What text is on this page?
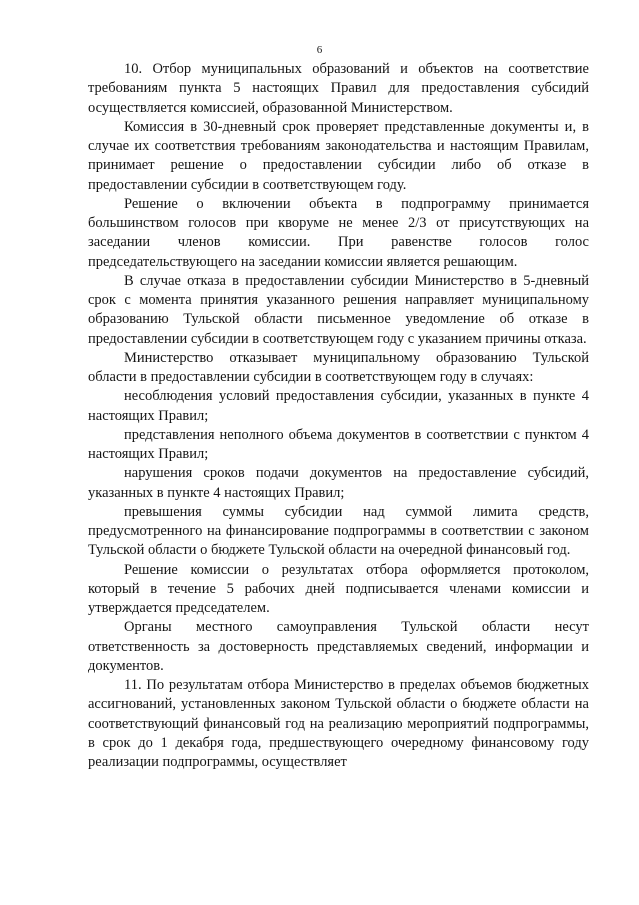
6

10. Отбор муниципальных образований и объектов на соответствие требованиям пункта 5 настоящих Правил для предоставления субсидий осуществляется комиссией, образованной Министерством.

Комиссия в 30-дневный срок проверяет представленные документы и, в случае их соответствия требованиям законодательства и настоящим Правилам, принимает решение о предоставлении субсидии либо об отказе в предоставлении субсидии в соответствующем году.

Решение о включении объекта в подпрограмму принимается большинством голосов при кворуме не менее 2/3 от присутствующих на заседании членов комиссии. При равенстве голосов голос председательствующего на заседании комиссии является решающим.

В случае отказа в предоставлении субсидии Министерство в 5-дневный срок с момента принятия указанного решения направляет муниципальному образованию Тульской области письменное уведомление об отказе в предоставлении субсидии в соответствующем году с указанием причины отказа.

Министерство отказывает муниципальному образованию Тульской области в предоставлении субсидии в соответствующем году в случаях:

несоблюдения условий предоставления субсидии, указанных в пункте 4 настоящих Правил;

представления неполного объема документов в соответствии с пунктом 4 настоящих Правил;

нарушения сроков подачи документов на предоставление субсидий, указанных в пункте 4 настоящих Правил;

превышения суммы субсидии над суммой лимита средств, предусмотренного на финансирование подпрограммы в соответствии с законом Тульской области о бюджете Тульской области на очередной финансовый год.

Решение комиссии о результатах отбора оформляется протоколом, который в течение 5 рабочих дней подписывается членами комиссии и утверждается председателем.

Органы местного самоуправления Тульской области несут ответственность за достоверность представляемых сведений, информации и документов.

11. По результатам отбора Министерство в пределах объемов бюджетных ассигнований, установленных законом Тульской области о бюджете области на соответствующий финансовый год на реализацию мероприятий подпрограммы, в срок до 1 декабря года, предшествующего очередному финансовому году реализации подпрограммы, осуществляет
